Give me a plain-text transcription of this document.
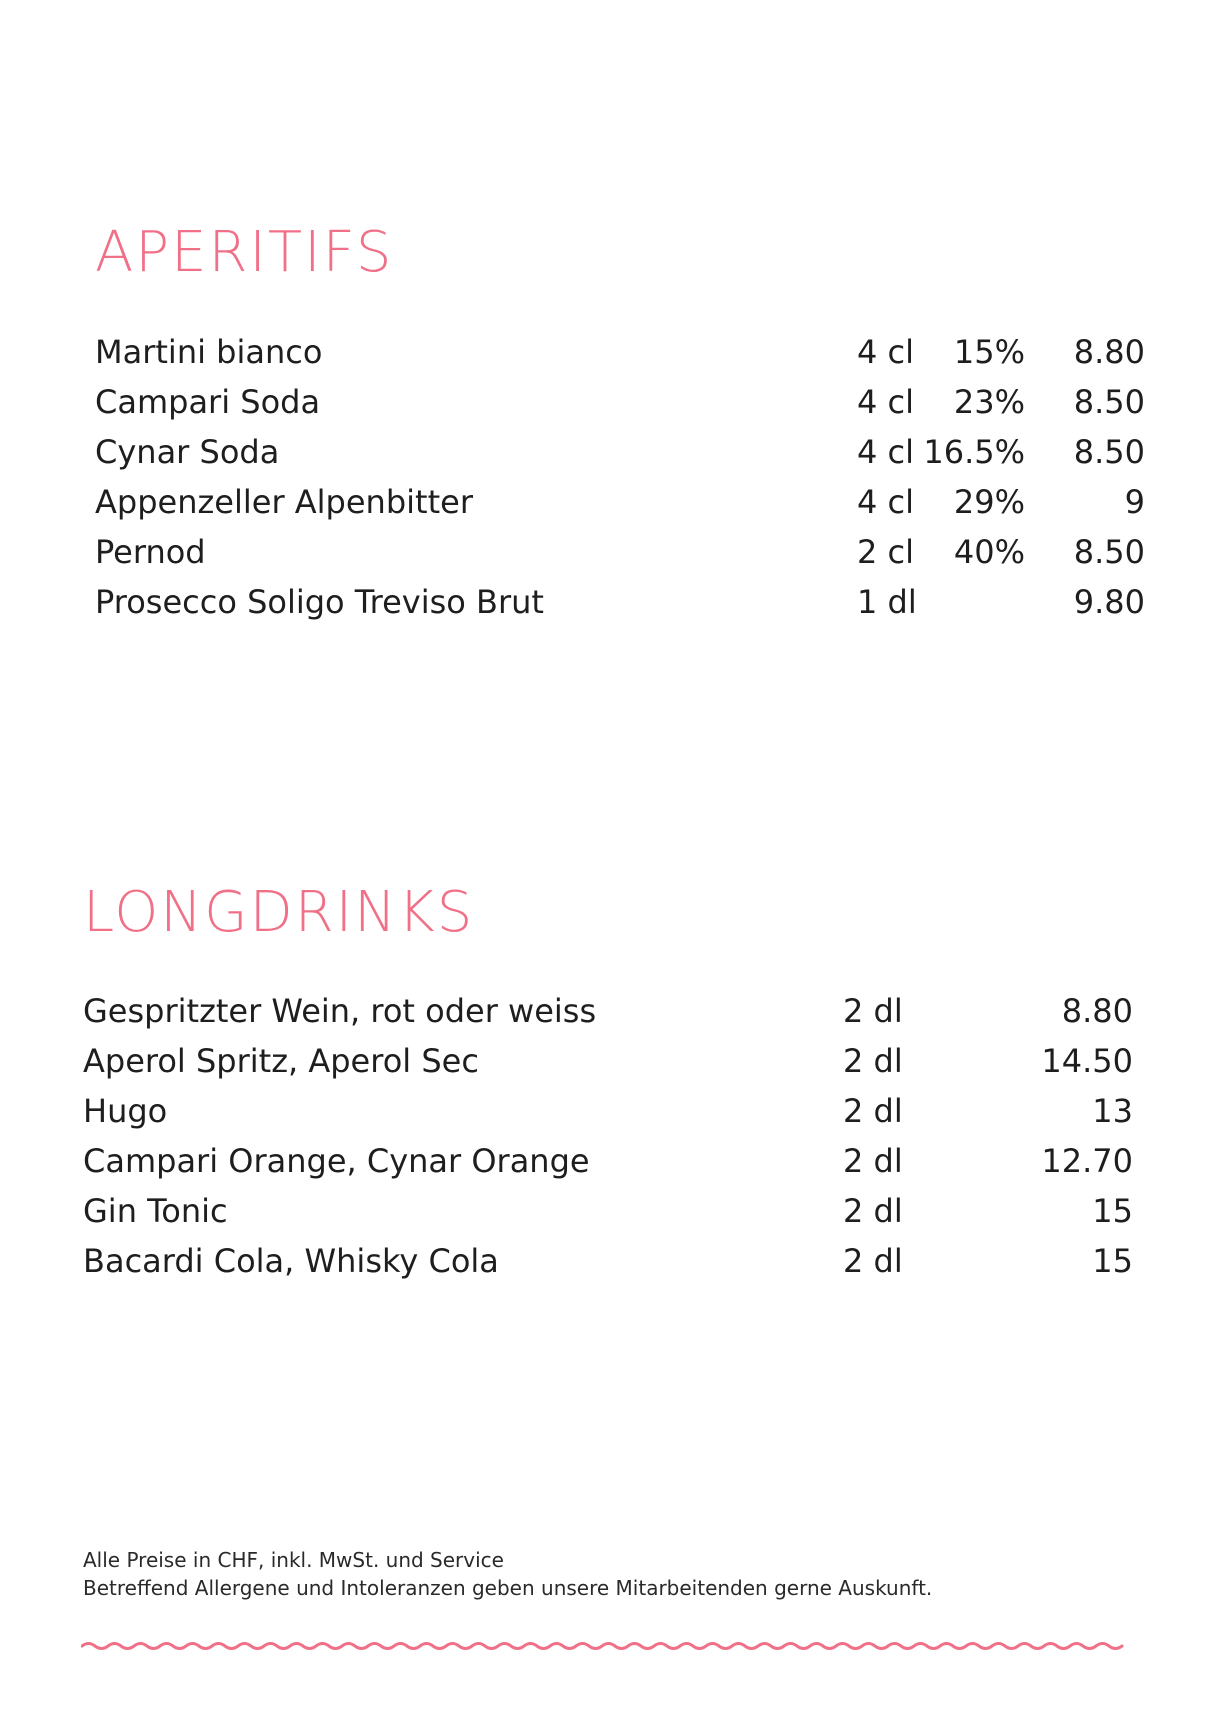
APERITIFS
Martini bianco	4 cl 15% 8.80
Campari Soda	4 cl 23% 8.50
Cynar Soda	4 cl 16.5% 8.50
Appenzeller Alpenbitter	4 cl 29%	9
Pernod	2 cl 40% 8.50
Prosecco Soligo Treviso Brut	1 dl	9.80
LONGDRINKS
Gespritzter Wein, rot oder weiss	2 dl	8.80
Aperol Spritz, Aperol Sec	2 dl	14.50
Hugo	2 dl	13
Campari Orange, Cynar Orange	2 dl	12.70
Gin Tonic	2 dl	15
Bacardi Cola, Whisky Cola	2 dl	15
Alle Preise in CHF, inkl. MwSt. und Service
Betreffend Allergene und Intoleranzen geben unsere Mitarbeitenden gerne Auskunft.
